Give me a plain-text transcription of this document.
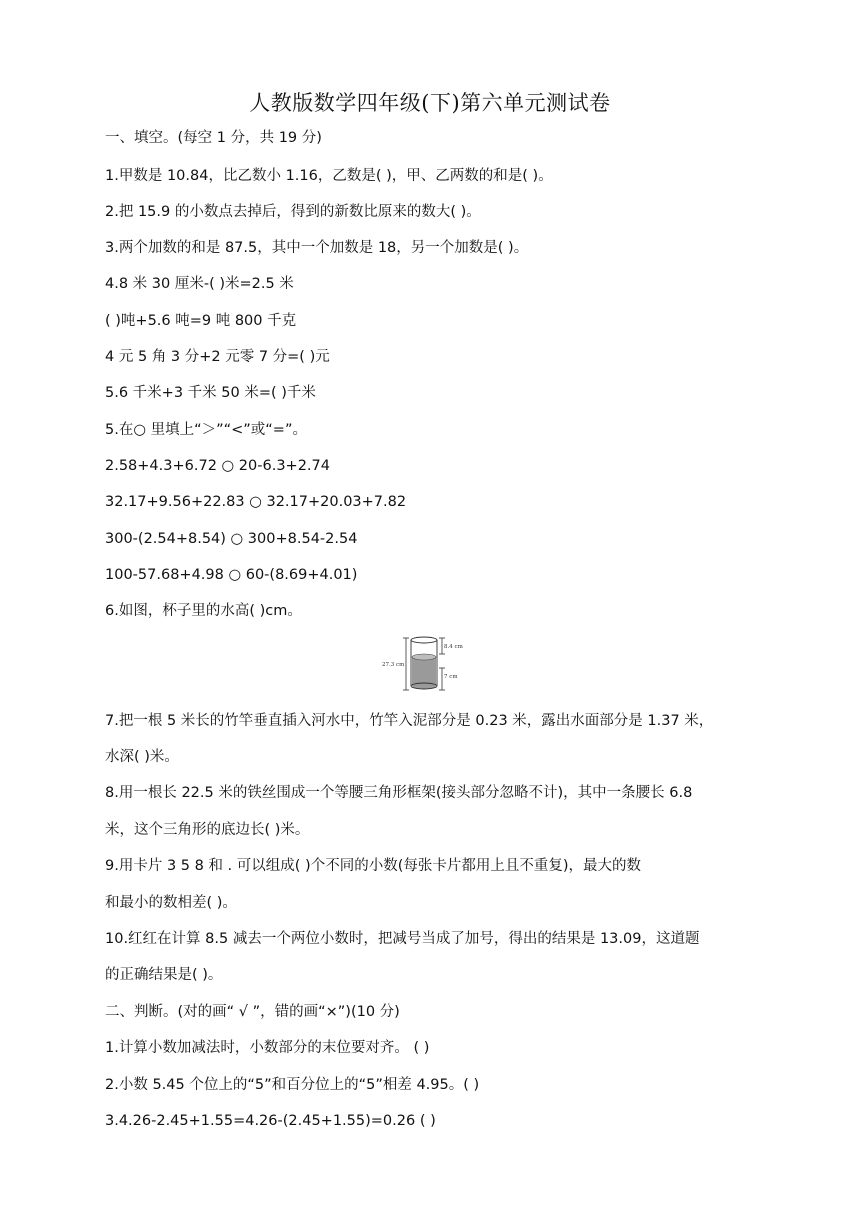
人教版数学四年级(下)第六单元测试卷
一、填空。(每空 1 分，共 19 分)
1.甲数是 10.84，比乙数小 1.16，乙数是( )，甲、乙两数的和是( )。
2.把 15.9 的小数点去掉后，得到的新数比原来的数大( )。
3.两个加数的和是 87.5，其中一个加数是 18，另一个加数是( )。
4.8 米 30 厘米-( )米=2.5 米
( )吨+5.6 吨=9 吨 800 千克
4 元 5 角 3 分+2 元零 7 分=( )元
5.6 千米+3 千米 50 米=( )千米
5.在○ 里填上“＞”“<”或“=”。
2.58+4.3+6.72 ○ 20-6.3+2.74
32.17+9.56+22.83 ○ 32.17+20.03+7.82
300-(2.54+8.54) ○ 300+8.54-2.54
100-57.68+4.98 ○ 60-(8.69+4.01)
6.如图，杯子里的水高( )cm。
27.3 cm
8.4 cm
7 cm
7.把一根 5 米长的竹竿垂直插入河水中，竹竿入泥部分是 0.23 米，露出水面部分是 1.37 米，
水深( )米。
8.用一根长 22.5 米的铁丝围成一个等腰三角形框架(接头部分忽略不计)，其中一条腰长 6.8
米，这个三角形的底边长( )米。
9.用卡片 3 5 8 和 . 可以组成( )个不同的小数(每张卡片都用上且不重复)，最大的数
和最小的数相差( )。
10.红红在计算 8.5 减去一个两位小数时，把减号当成了加号，得出的结果是 13.09，这道题
的正确结果是( )。
二、判断。(对的画“ √ ”，错的画“×”)(10 分)
1.计算小数加减法时，小数部分的末位要对齐。 ( )
2.小数 5.45 个位上的“5”和百分位上的“5”相差 4.95。( )
3.4.26-2.45+1.55=4.26-(2.45+1.55)=0.26 ( )
